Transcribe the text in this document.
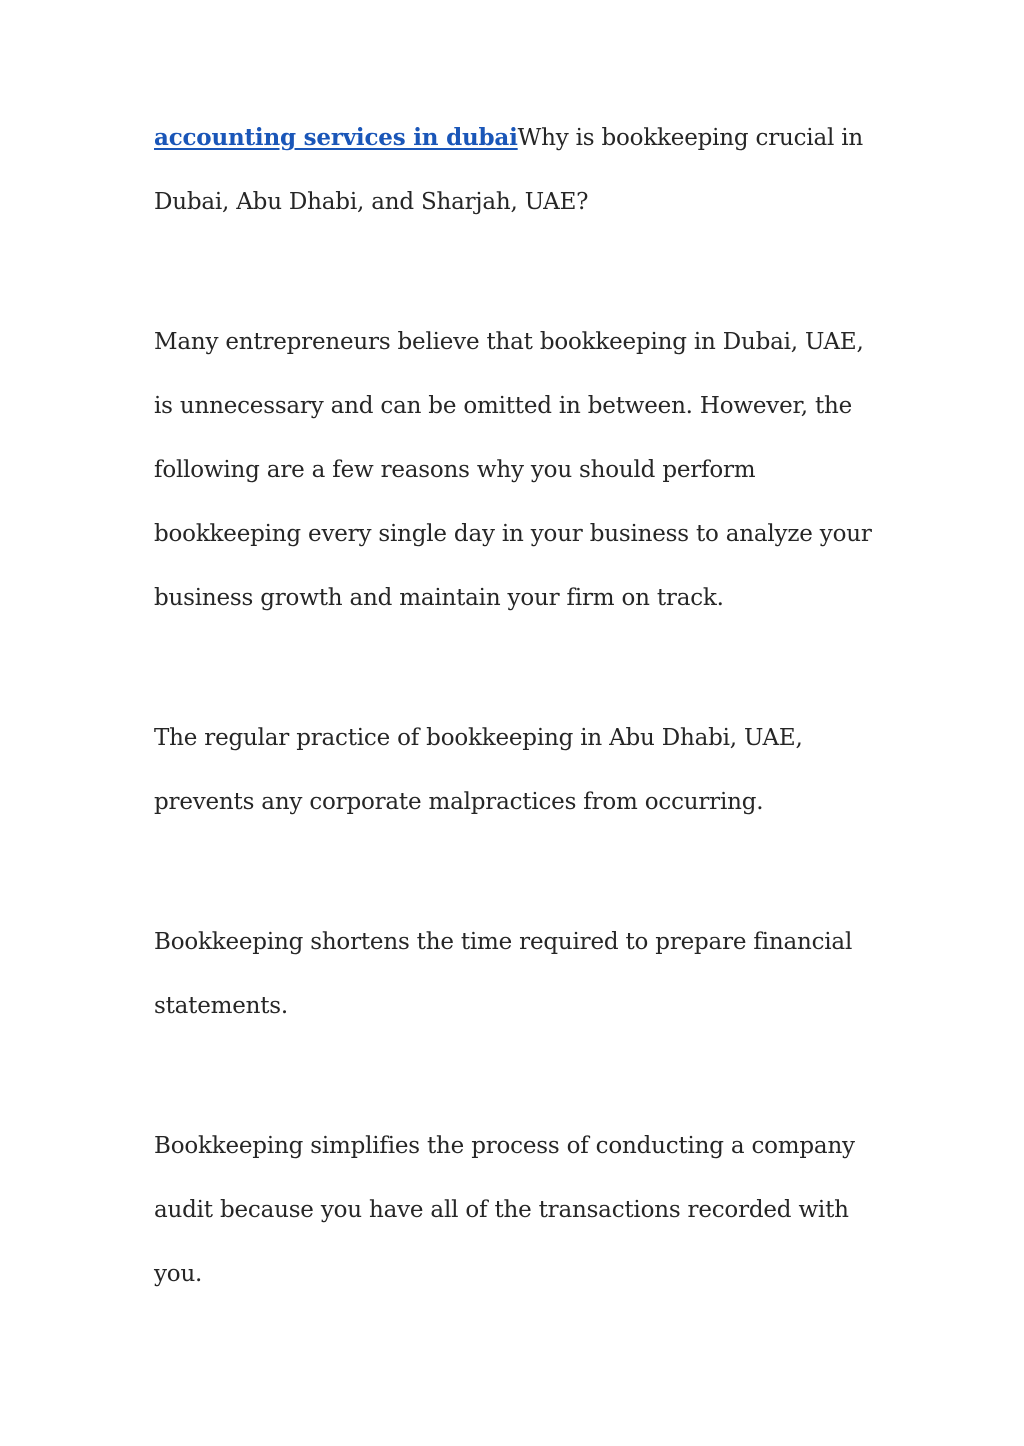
accounting services in dubaiWhy is bookkeeping crucial in Dubai, Abu Dhabi, and Sharjah, UAE?

Many entrepreneurs believe that bookkeeping in Dubai, UAE, is unnecessary and can be omitted in between. However, the following are a few reasons why you should perform bookkeeping every single day in your business to analyze your business growth and maintain your firm on track.

The regular practice of bookkeeping in Abu Dhabi, UAE, prevents any corporate malpractices from occurring.

Bookkeeping shortens the time required to prepare financial statements.

Bookkeeping simplifies the process of conducting a company audit because you have all of the transactions recorded with you.
